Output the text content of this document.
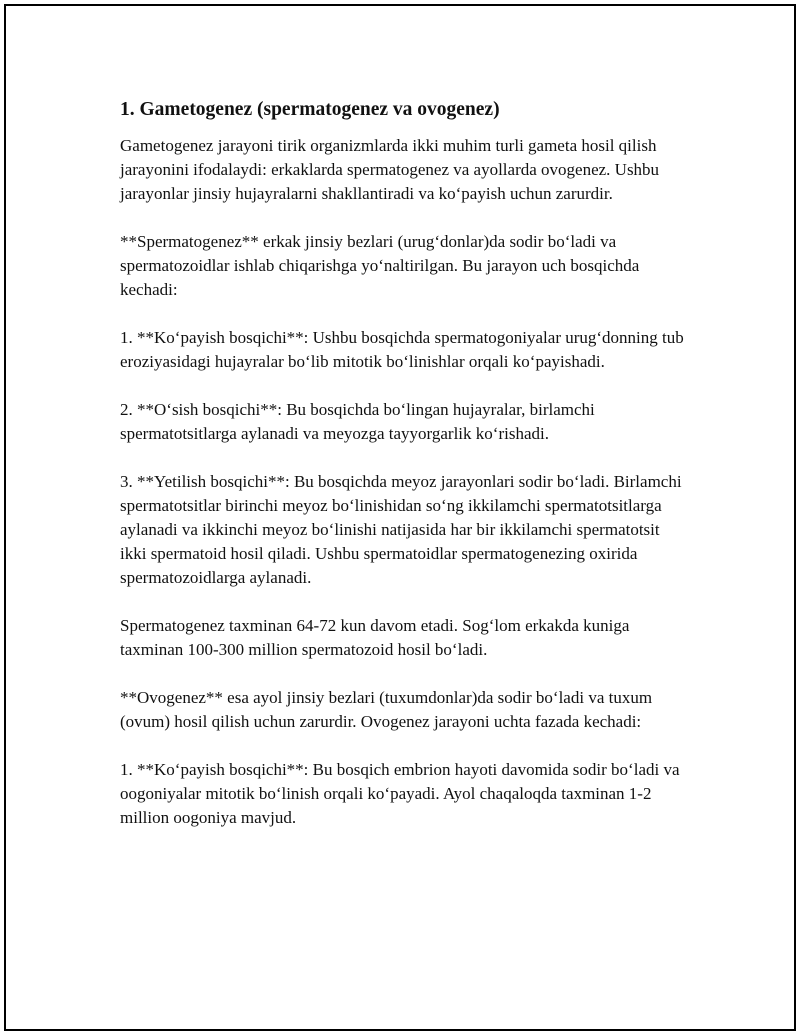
1. Gametogenez (spermatogenez va ovogenez)

Gametogenez jarayoni tirik organizmlarda ikki muhim turli gameta hosil qilish jarayonini ifodalaydi: erkaklarda spermatogenez va ayollarda ovogenez. Ushbu jarayonlar jinsiy hujayralarni shakllantiradi va ko‘payish uchun zarurdir.

**Spermatogenez** erkak jinsiy bezlari (urug‘donlar)da sodir bo‘ladi va spermatozoidlar ishlab chiqarishga yo‘naltirilgan. Bu jarayon uch bosqichda kechadi:

1. **Ko‘payish bosqichi**: Ushbu bosqichda spermatogoniyalar urug‘donning tub eroziyasidagi hujayralar bo‘lib mitotik bo‘linishlar orqali ko‘payishadi.

2. **O‘sish bosqichi**: Bu bosqichda bo‘lingan hujayralar, birlamchi spermatotsitlarga aylanadi va meyozga tayyorgarlik ko‘rishadi.

3. **Yetilish bosqichi**: Bu bosqichda meyoz jarayonlari sodir bo‘ladi. Birlamchi spermatotsitlar birinchi meyoz bo‘linishidan so‘ng ikkilamchi spermatotsitlarga aylanadi va ikkinchi meyoz bo‘linishi natijasida har bir ikkilamchi spermatotsit ikki spermatoid hosil qiladi. Ushbu spermatoidlar spermatogenezing oxirida spermatozoidlarga aylanadi.

Spermatogenez taxminan 64-72 kun davom etadi. Sog‘lom erkakda kuniga taxminan 100-300 million spermatozoid hosil bo‘ladi.

**Ovogenez** esa ayol jinsiy bezlari (tuxumdonlar)da sodir bo‘ladi va tuxum (ovum) hosil qilish uchun zarurdir. Ovogenez jarayoni uchta fazada kechadi:

1. **Ko‘payish bosqichi**: Bu bosqich embrion hayoti davomida sodir bo‘ladi va oogoniyalar mitotik bo‘linish orqali ko‘payadi. Ayol chaqaloqda taxminan 1-2 million oogoniya mavjud.
